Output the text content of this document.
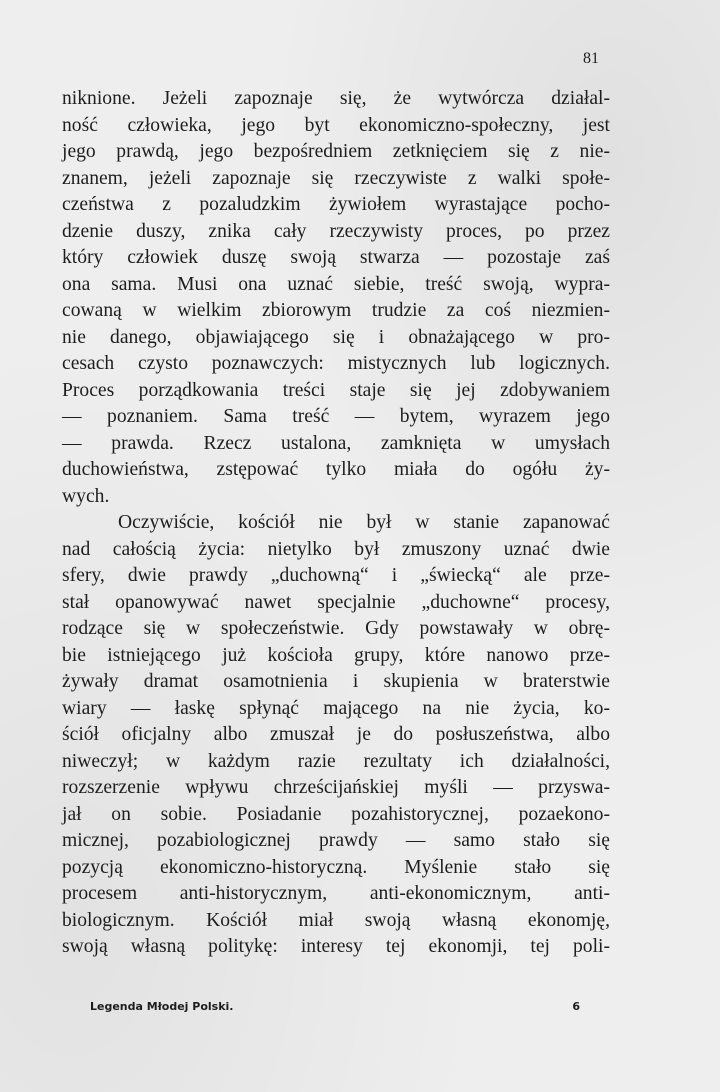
81
niknione. Jeżeli zapoznaje się, że wytwórcza działal-
ność człowieka, jego byt ekonomiczno-społeczny, jest
jego prawdą, jego bezpośredniem zetknięciem się z nie-
znanem, jeżeli zapoznaje się rzeczywiste z walki społe-
czeństwa z pozaludzkim żywiołem wyrastające pocho-
dzenie duszy, znika cały rzeczywisty proces, po przez
który człowiek duszę swoją stwarza — pozostaje zaś
ona sama. Musi ona uznać siebie, treść swoją, wypra-
cowaną w wielkim zbiorowym trudzie za coś niezmien-
nie danego, objawiającego się i obnażającego w pro-
cesach czysto poznawczych: mistycznych lub logicznych.
Proces porządkowania treści staje się jej zdobywaniem
— poznaniem. Sama treść — bytem, wyrazem jego
— prawda. Rzecz ustalona, zamknięta w umysłach
duchowieństwa, zstępować tylko miała do ogółu ży-
wych.
Oczywiście, kościół nie był w stanie zapanować
nad całością życia: nietylko był zmuszony uznać dwie
sfery, dwie prawdy „duchowną“ i „świecką“ ale prze-
stał opanowywać nawet specjalnie „duchowne“ procesy,
rodzące się w społeczeństwie. Gdy powstawały w obrę-
bie istniejącego już kościoła grupy, które nanowo prze-
żywały dramat osamotnienia i skupienia w braterstwie
wiary — łaskę spłynąć mającego na nie życia, ko-
ściół oficjalny albo zmuszał je do posłuszeństwa, albo
niweczył; w każdym razie rezultaty ich działalności,
rozszerzenie wpływu chrześcijańskiej myśli — przyswa-
jał on sobie. Posiadanie pozahistorycznej, pozaekono-
micznej, pozabiologicznej prawdy — samo stało się
pozycją ekonomiczno-historyczną. Myślenie stało się
procesem anti-historycznym, anti-ekonomicznym, anti-
biologicznym. Kościół miał swoją własną ekonomję,
swoją własną politykę: interesy tej ekonomji, tej poli-
Legenda Młodej Polski.	6
